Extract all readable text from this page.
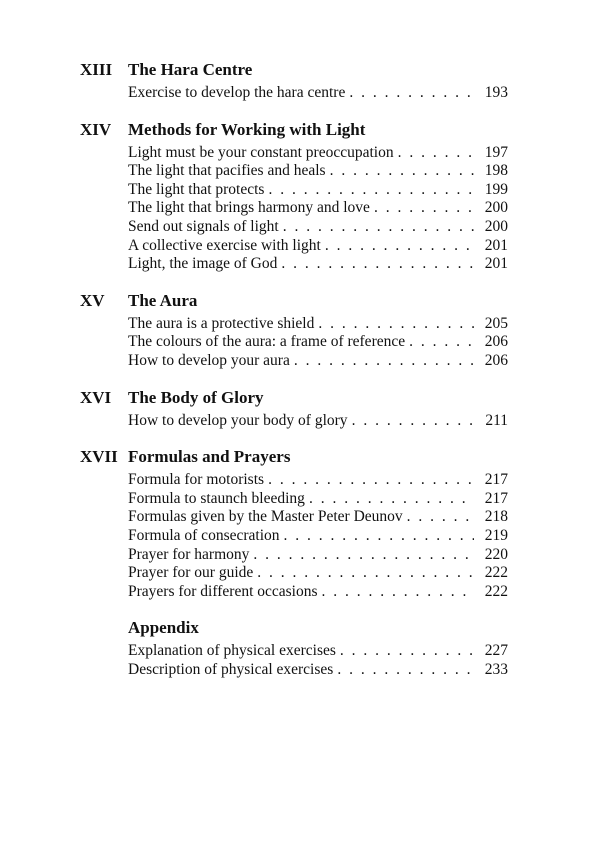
XIII The Hara Centre
Exercise to develop the hara centre . . .	193
XIV Methods for Working with Light
Light must be your constant preoccupation . . .	197
The light that pacifies and heals . . .	198
The light that protects . . .	199
The light that brings harmony and love . . .	200
Send out signals of light . . .	200
A collective exercise with light . . .	201
Light, the image of God . . .	201
XV	The Aura
The aura is a protective shield . . .	205
The colours of the aura: a frame of reference . . .	206
How to develop your aura . . .	206
XVI The Body of Glory
How to develop your body of glory . . .	211
XVII Formulas and Prayers
Formula for motorists . . .	217
Formula to staunch bleeding . . .	217
Formulas given by the Master Peter Deunov . . .	218
Formula of consecration . . .	219
Prayer for harmony . . .	220
Prayer for our guide . . .	222
Prayers for different occasions . . .	222
Appendix
Explanation of physical exercises . . .	227
Description of physical exercises . . .	233
